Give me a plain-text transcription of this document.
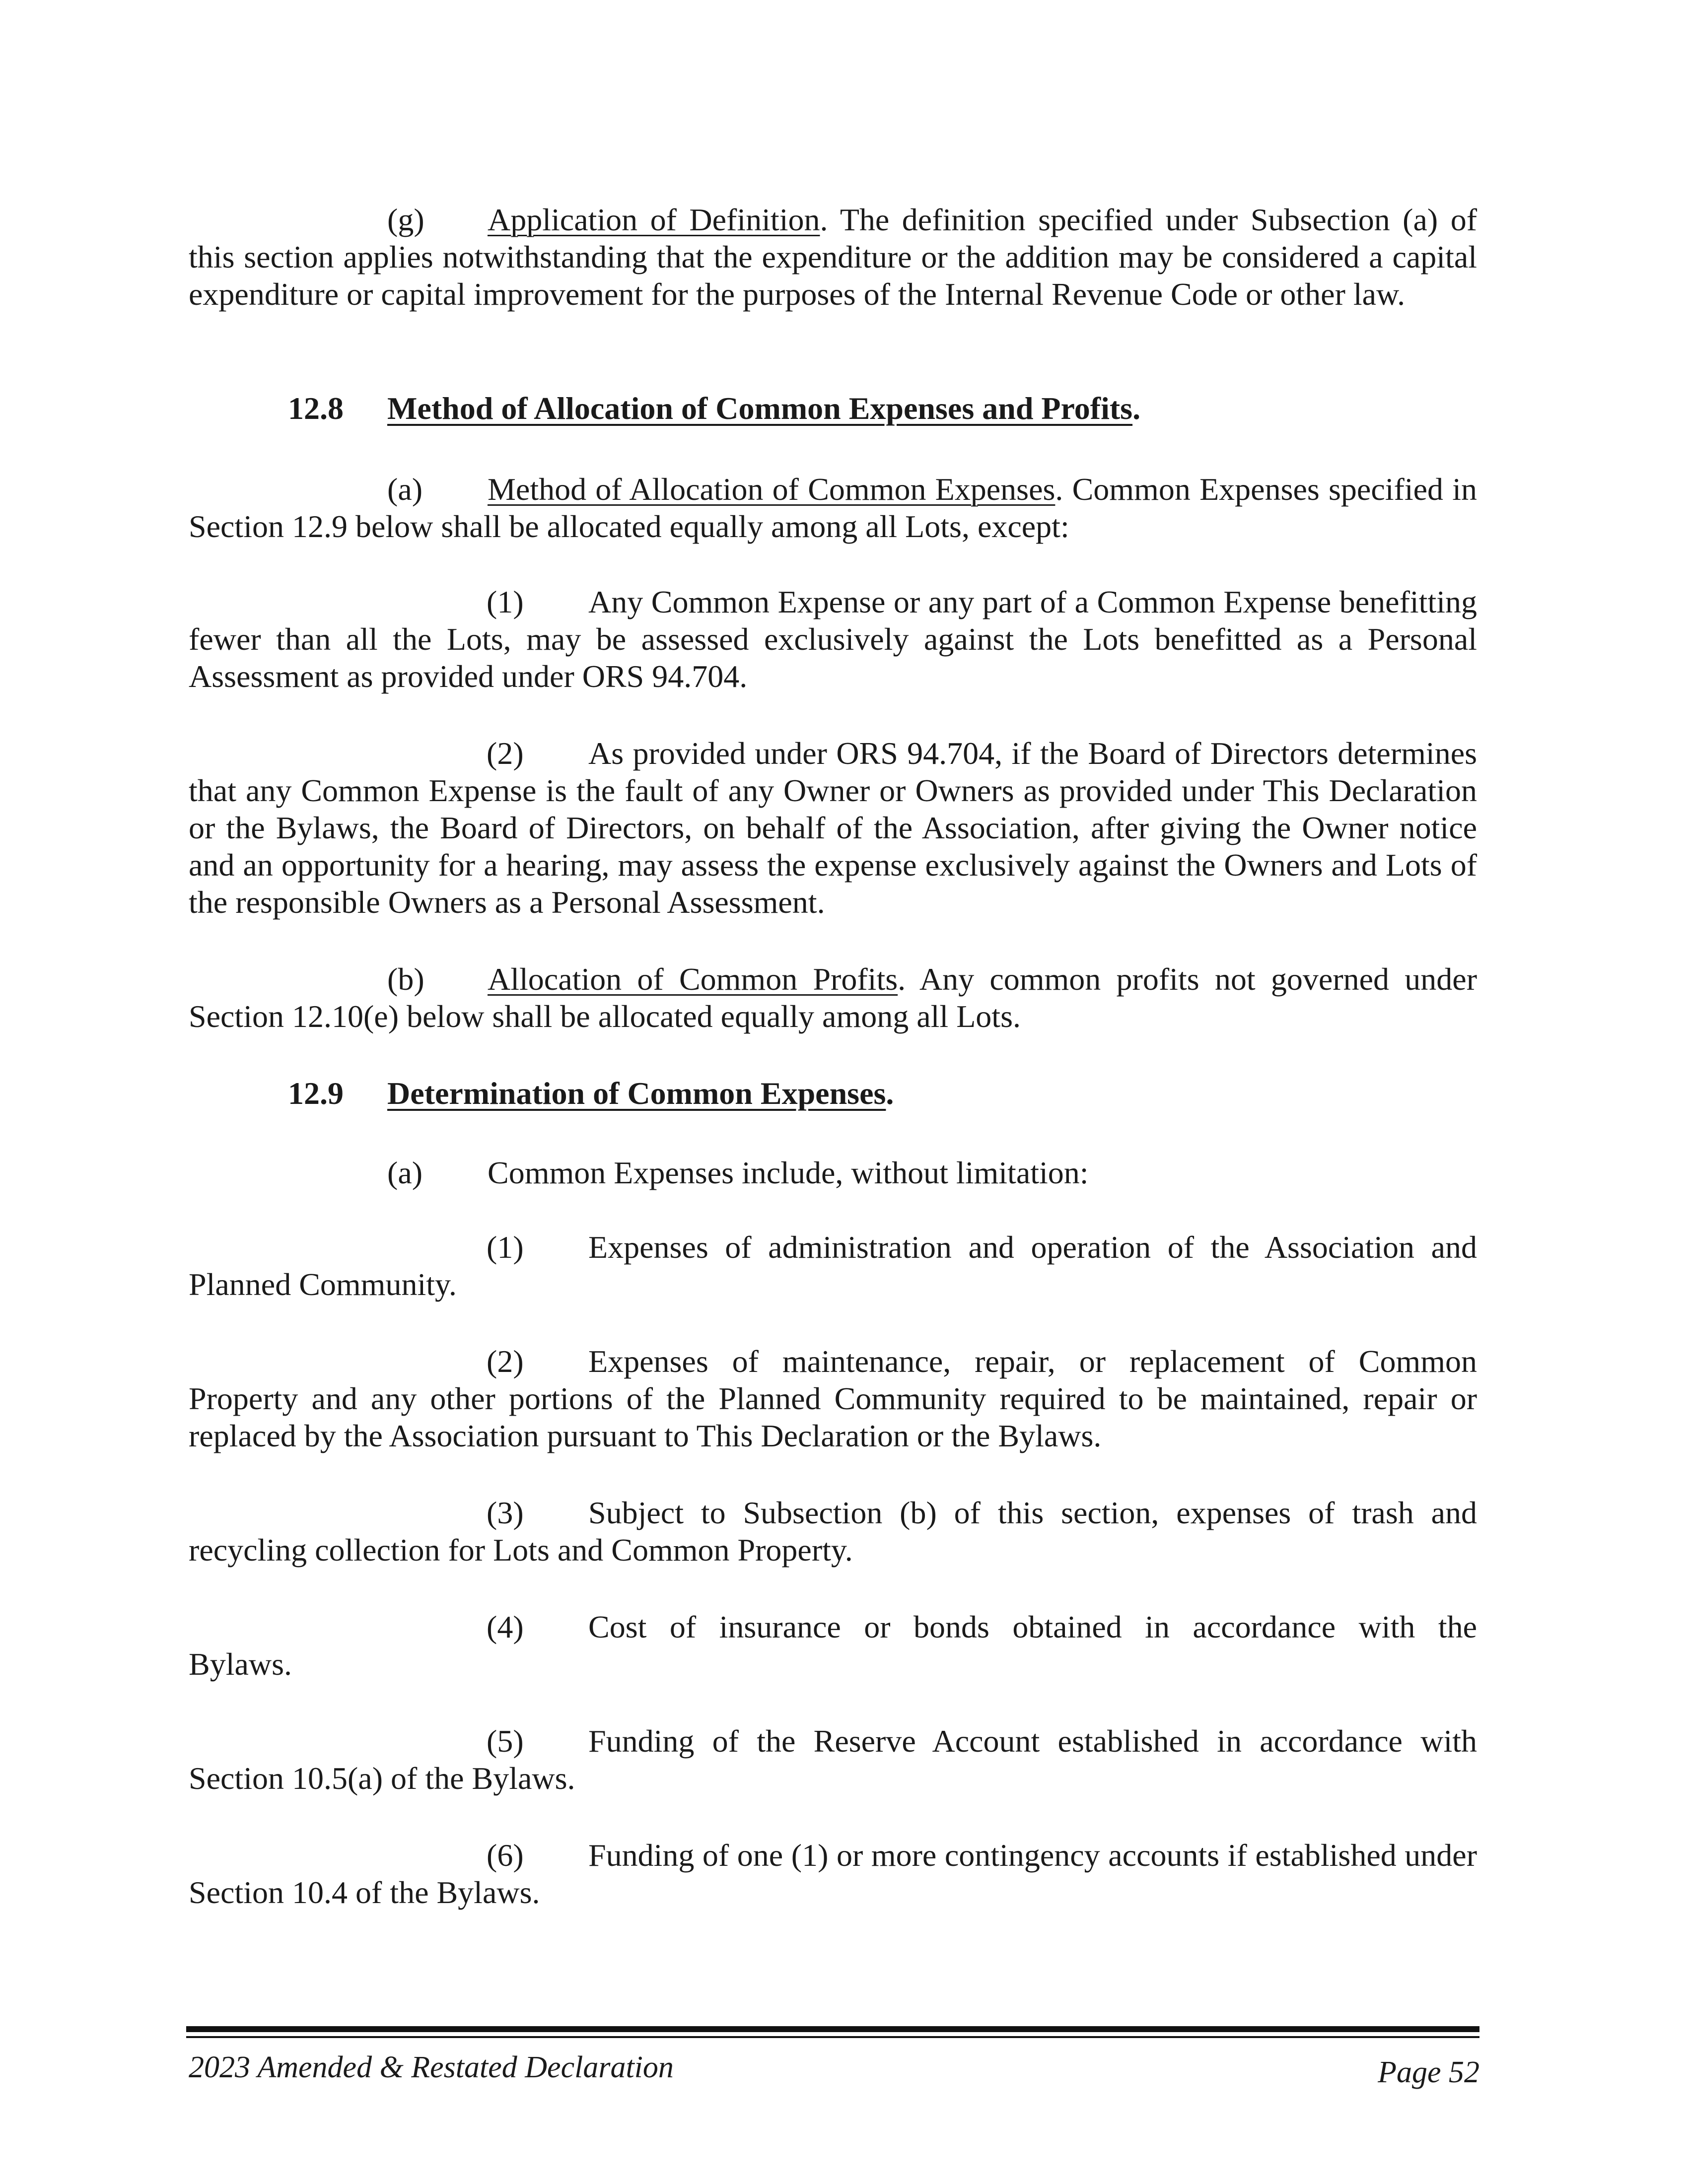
(g) Application of Definition. The definition specified under Subsection (a) of this section applies notwithstanding that the expenditure or the addition may be considered a capital expenditure or capital improvement for the purposes of the Internal Revenue Code or other law.

12.8 Method of Allocation of Common Expenses and Profits.

(a) Method of Allocation of Common Expenses. Common Expenses specified in Section 12.9 below shall be allocated equally among all Lots, except:

(1) Any Common Expense or any part of a Common Expense benefitting fewer than all the Lots, may be assessed exclusively against the Lots benefitted as a Personal Assessment as provided under ORS 94.704.

(2) As provided under ORS 94.704, if the Board of Directors determines that any Common Expense is the fault of any Owner or Owners as provided under This Declaration or the Bylaws, the Board of Directors, on behalf of the Association, after giving the Owner notice and an opportunity for a hearing, may assess the expense exclusively against the Owners and Lots of the responsible Owners as a Personal Assessment.

(b) Allocation of Common Profits. Any common profits not governed under Section 12.10(e) below shall be allocated equally among all Lots.

12.9 Determination of Common Expenses.

(a) Common Expenses include, without limitation:

(1) Expenses of administration and operation of the Association and Planned Community.

(2) Expenses of maintenance, repair, or replacement of Common Property and any other portions of the Planned Community required to be maintained, repair or replaced by the Association pursuant to This Declaration or the Bylaws.

(3) Subject to Subsection (b) of this section, expenses of trash and recycling collection for Lots and Common Property.

(4) Cost of insurance or bonds obtained in accordance with the

Bylaws.

(5) Funding of the Reserve Account established in accordance with Section 10.5(a) of the Bylaws.

(6) Funding of one (1) or more contingency accounts if established under Section 10.4 of the Bylaws.

2023 Amended & Restated Declaration	Page 52
